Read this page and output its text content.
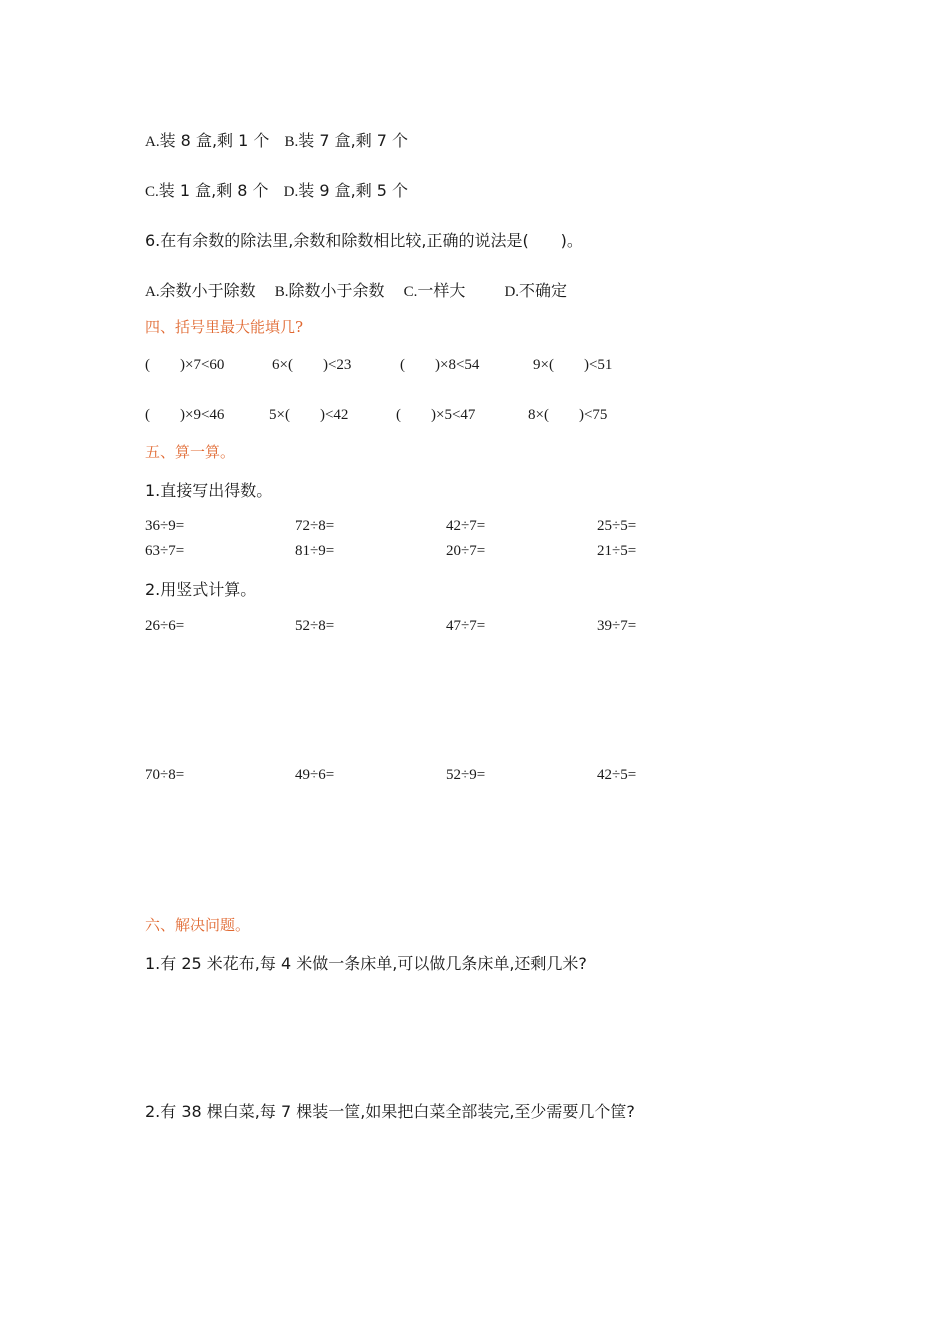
A.装 8 盒,剩 1 个 B.装 7 盒,剩 7 个
C.装 1 盒,剩 8 个 D.装 9 盒,剩 5 个
6.在有余数的除法里,余数和除数相比较,正确的说法是(　　)。
A.余数小于除数 B.除数小于余数 C.一样大	D.不确定
四、括号里最大能填几?
(　　)×7<60	6×(　　)<23	(　　)×8<54	9×(　　)<51
(　　)×9<46	5×(　　)<42	(　　)×5<47	8×(　　)<75
五、算一算。
1.直接写出得数。
36÷9=	72÷8=	42÷7=	25÷5=
63÷7=	81÷9=	20÷7=	21÷5=
2.用竖式计算。
26÷6=	52÷8=	47÷7=	39÷7=
70÷8=	49÷6=	52÷9=	42÷5=
六、解决问题。
1.有 25 米花布,每 4 米做一条床单,可以做几条床单,还剩几米?
2.有 38 棵白菜,每 7 棵装一筐,如果把白菜全部装完,至少需要几个筐?
